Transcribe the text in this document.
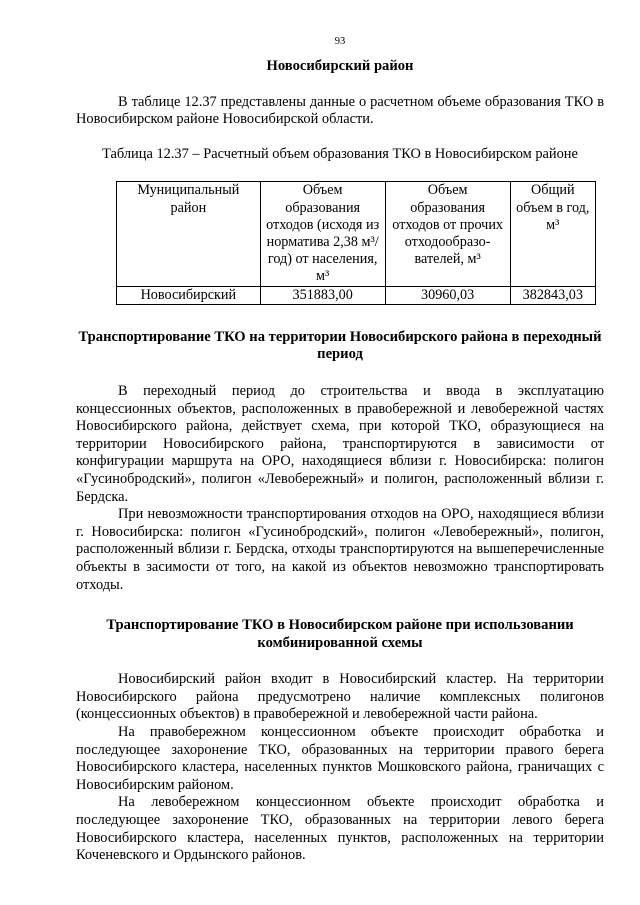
93
Новосибирский район

В таблице 12.37 представлены данные о расчетном объеме образования ТКО в Новосибирском районе Новосибирской области.

Таблица 12.37 – Расчетный объем образования ТКО в Новосибирском районе

Муниципальный район	Объем образования отходов (исходя из норматива 2,38 м³/год) от населения, м³	Объем образования отходов от прочих отходообразо-вателей, м³	Общий объем в год, м³
Новосибирский	351883,00	30960,03	382843,03
Транспортирование ТКО на территории Новосибирского района в переходный период

В переходный период до строительства и ввода в эксплуатацию концессионных объектов, расположенных в правобережной и левобережной частях Новосибирского района, действует схема, при которой ТКО, образующиеся на территории Новосибирского района, транспортируются в зависимости от конфигурации маршрута на ОРО, находящиеся вблизи г. Новосибирска: полигон «Гусинобродский», полигон «Левобережный» и полигон, расположенный вблизи г. Бердска.

При невозможности транспортирования отходов на ОРО, находящиеся вблизи г. Новосибирска: полигон «Гусинобродский», полигон «Левобережный», полигон, расположенный вблизи г. Бердска, отходы транспортируются на вышеперечисленные объекты в засимости от того, на какой из объектов невозможно транспортировать отходы.

Транспортирование ТКО в Новосибирском районе при использовании комбинированной схемы

Новосибирский район входит в Новосибирский кластер. На территории Новосибирского района предусмотрено наличие комплексных полигонов (концессионных объектов) в правобережной и левобережной части района.

На правобережном концессионном объекте происходит обработка и последующее захоронение ТКО, образованных на территории правого берега Новосибирского кластера, населенных пунктов Мошковского района, граничащих с Новосибирским районом.

На левобережном концессионном объекте происходит обработка и последующее захоронение ТКО, образованных на территории левого берега Новосибирского кластера, населенных пунктов, расположенных на территории Коченевского и Ордынского районов.
